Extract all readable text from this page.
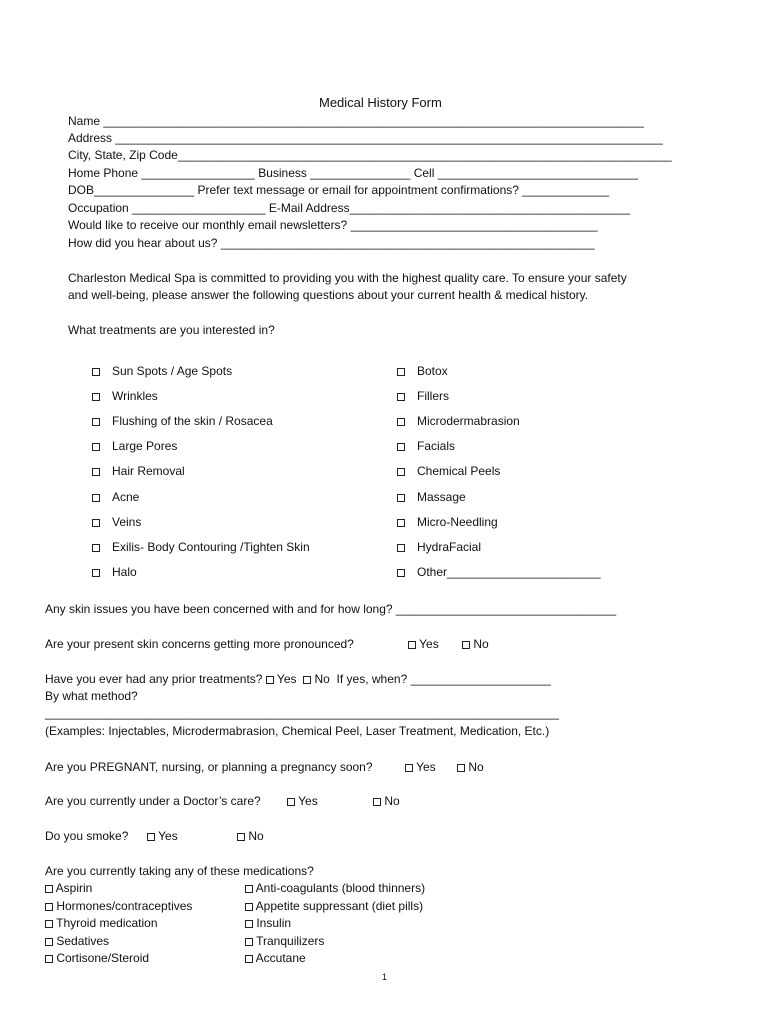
Medical History Form
Name _________________________________________________________________________________
Address __________________________________________________________________________________
City, State, Zip Code__________________________________________________________________________
Home Phone _________________ Business _______________ Cell ______________________________
DOB_______________ Prefer text message or email for appointment confirmations? _____________
Occupation ____________________ E-Mail Address__________________________________________
Would like to receive our monthly email newsletters? _____________________________________
How did you hear about us? ________________________________________________________
Charleston Medical Spa is committed to providing you with the highest quality care. To ensure your safety
and well-being, please answer the following questions about your current health & medical history.
What treatments are you interested in?
Sun Spots / Age Spots
Wrinkles
Flushing of the skin / Rosacea
Large Pores
Hair Removal
Acne
Veins
Exilis- Body Contouring /Tighten Skin
Halo
Botox
Fillers
Microdermabrasion
Facials
Chemical Peels
Massage
Micro-Needling
HydraFacial
Other_______________________
Any skin issues you have been concerned with and for how long? _________________________________
Are your present skin concerns getting more pronounced?	Yes	No
Have you ever had any prior treatments? Yes No If yes, when? _____________________
By what method?
_____________________________________________________________________________
(Examples: Injectables, Microdermabrasion, Chemical Peel, Laser Treatment, Medication, Etc.)
Are you PREGNANT, nursing, or planning a pregnancy soon?	Yes	No
Are you currently under a Doctor’s care?	Yes	No
Do you smoke?	Yes	No
Are you currently taking any of these medications?
Aspirin
Hormones/contraceptives
Thyroid medication
Sedatives
Cortisone/Steroid
Anti-coagulants (blood thinners)
Appetite suppressant (diet pills)
Insulin
Tranquilizers
Accutane
1
